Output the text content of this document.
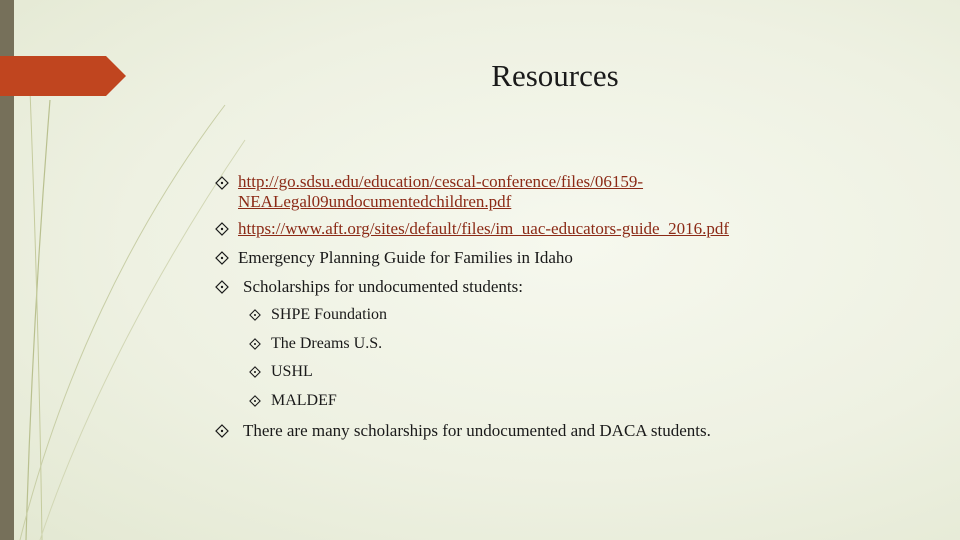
Resources
http://go.sdsu.edu/education/cescal-conference/files/06159-NEALegal09undocumentedchildren.pdf
https://www.aft.org/sites/default/files/im_uac-educators-guide_2016.pdf
Emergency Planning Guide for Families in Idaho
Scholarships for undocumented students:
SHPE Foundation
The Dreams U.S.
USHL
MALDEF
There are many scholarships for undocumented and DACA students.
